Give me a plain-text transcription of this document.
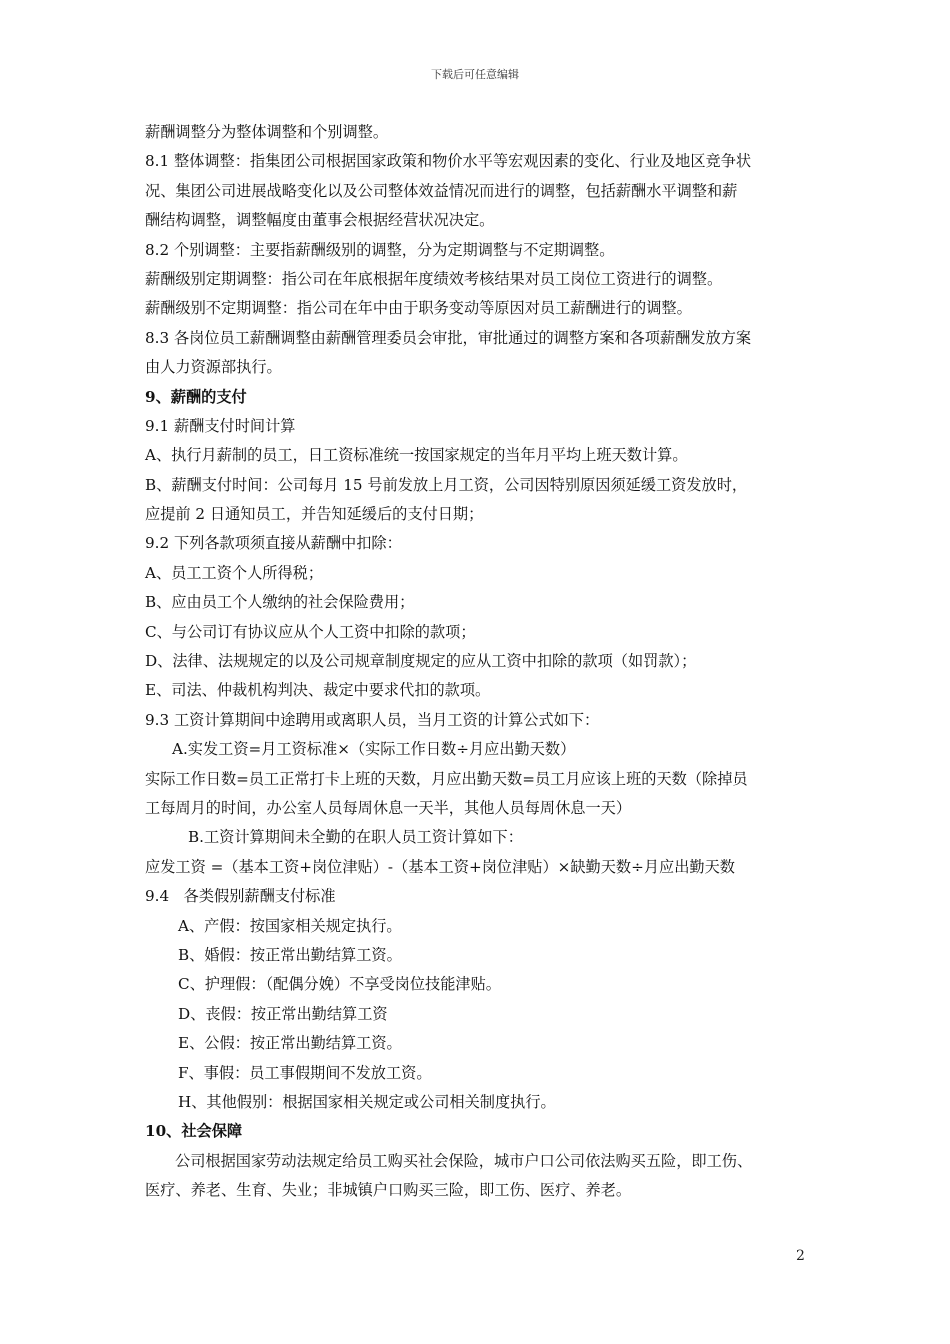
下载后可任意编辑
薪酬调整分为整体调整和个别调整。
8.1 整体调整：指集团公司根据国家政策和物价水平等宏观因素的变化、行业及地区竞争状
况、集团公司进展战略变化以及公司整体效益情况而进行的调整，包括薪酬水平调整和薪
酬结构调整，调整幅度由董事会根据经营状况决定。
8.2 个别调整：主要指薪酬级别的调整，分为定期调整与不定期调整。
薪酬级别定期调整：指公司在年底根据年度绩效考核结果对员工岗位工资进行的调整。
薪酬级别不定期调整：指公司在年中由于职务变动等原因对员工薪酬进行的调整。
8.3 各岗位员工薪酬调整由薪酬管理委员会审批，审批通过的调整方案和各项薪酬发放方案
由人力资源部执行。
9、薪酬的支付
9.1 薪酬支付时间计算
A、执行月薪制的员工，日工资标准统一按国家规定的当年月平均上班天数计算。
B、薪酬支付时间：公司每月 15 号前发放上月工资，公司因特别原因须延缓工资发放时，
应提前 2 日通知员工，并告知延缓后的支付日期；
9.2 下列各款项须直接从薪酬中扣除：
A、员工工资个人所得税；
B、应由员工个人缴纳的社会保险费用；
C、与公司订有协议应从个人工资中扣除的款项；
D、法律、法规规定的以及公司规章制度规定的应从工资中扣除的款项（如罚款）；
E、司法、仲裁机构判决、裁定中要求代扣的款项。
9.3 工资计算期间中途聘用或离职人员，当月工资的计算公式如下：
A.实发工资=月工资标准×（实际工作日数÷月应出勤天数）
实际工作日数=员工正常打卡上班的天数，月应出勤天数=员工月应该上班的天数（除掉员
工每周月的时间，办公室人员每周休息一天半，其他人员每周休息一天）
B.工资计算期间未全勤的在职人员工资计算如下：
应发工资 =（基本工资+岗位津贴）-（基本工资+岗位津贴）×缺勤天数÷月应出勤天数
9.4   各类假别薪酬支付标准
A、产假：按国家相关规定执行。
B、婚假：按正常出勤结算工资。
C、护理假：（配偶分娩）不享受岗位技能津贴。
D、丧假：按正常出勤结算工资
E、公假：按正常出勤结算工资。
F、事假：员工事假期间不发放工资。
H、其他假别：根据国家相关规定或公司相关制度执行。
10、社会保障
公司根据国家劳动法规定给员工购买社会保险，城市户口公司依法购买五险，即工伤、
医疗、养老、生育、失业；非城镇户口购买三险，即工伤、医疗、养老。
2
